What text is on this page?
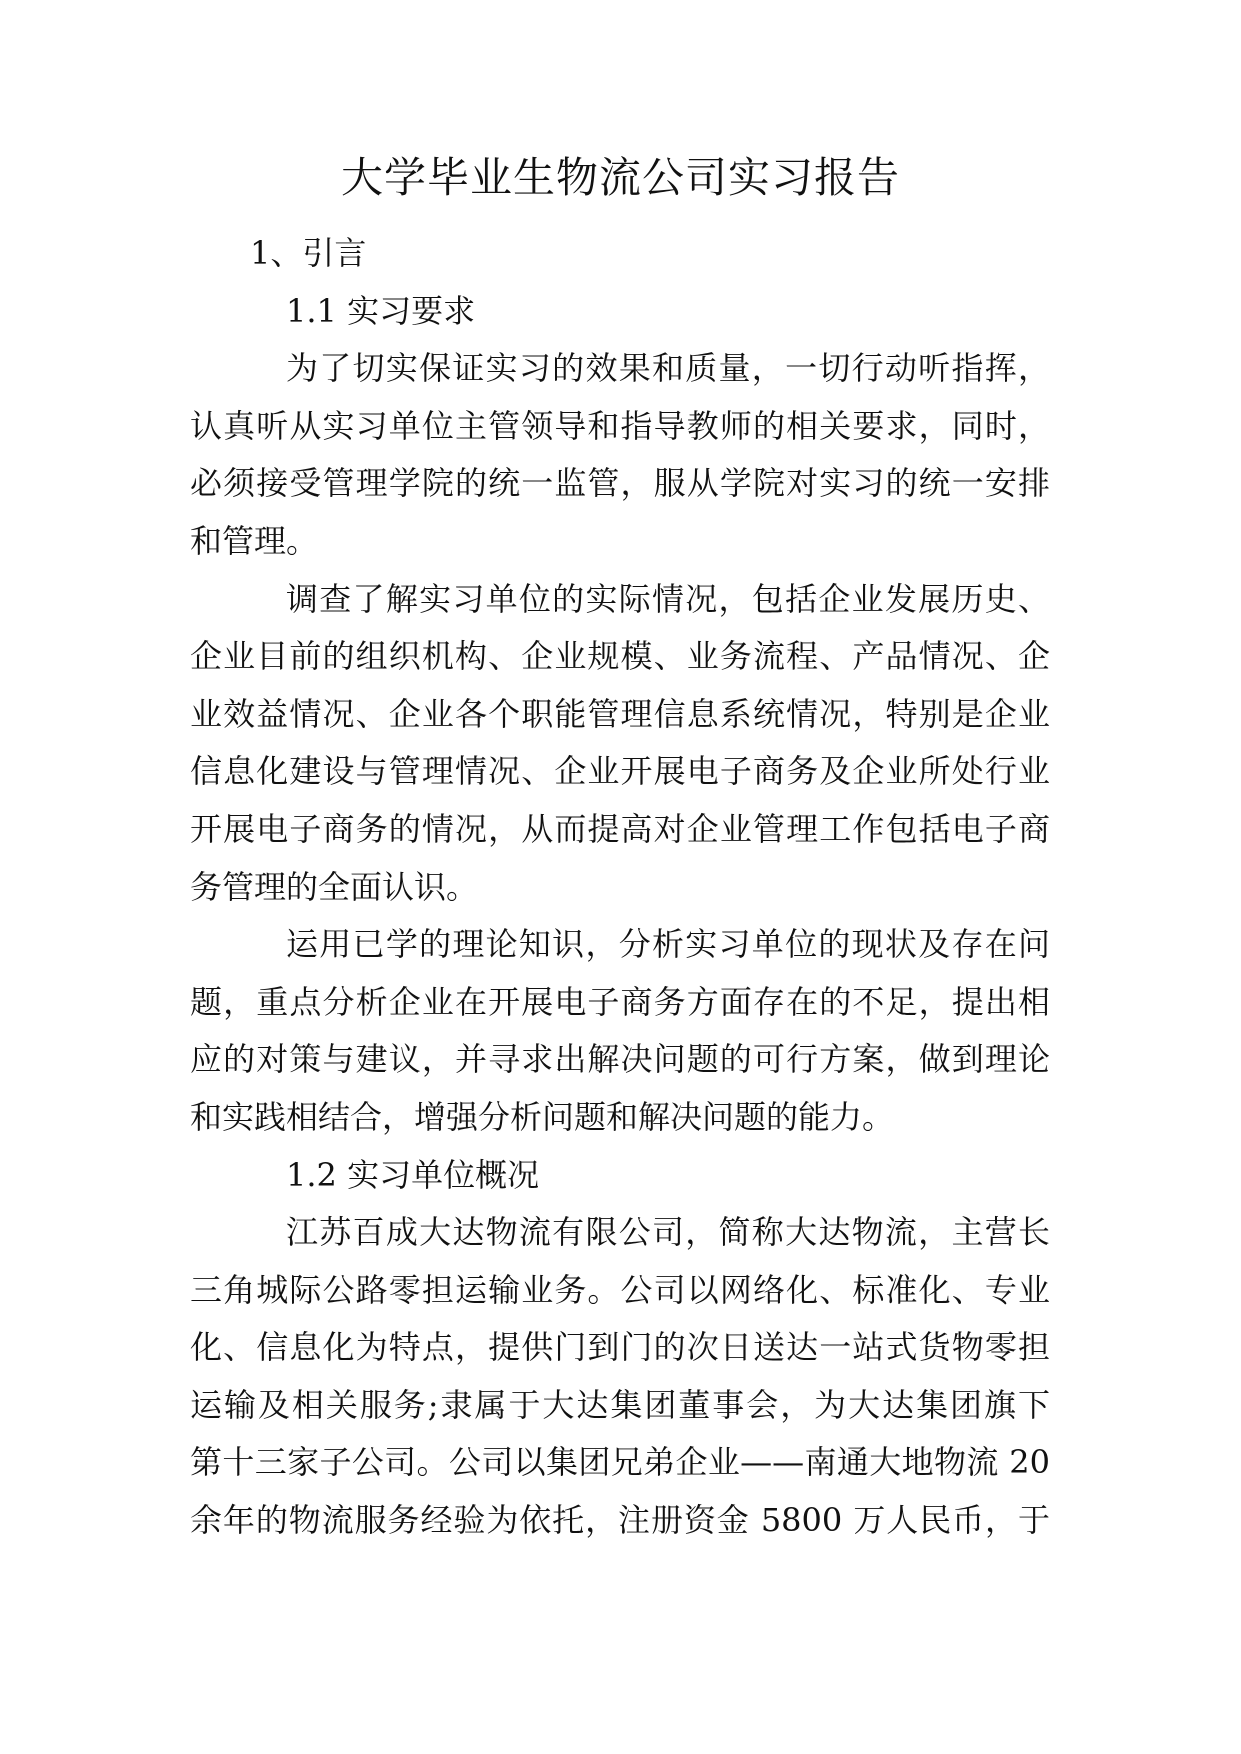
大学毕业生物流公司实习报告
1、引言
1.1 实习要求
为了切实保证实习的效果和质量，一切行动听指挥，
认真听从实习单位主管领导和指导教师的相关要求，同时，
必须接受管理学院的统一监管，服从学院对实习的统一安排
和管理。
调查了解实习单位的实际情况，包括企业发展历史、
企业目前的组织机构、企业规模、业务流程、产品情况、企
业效益情况、企业各个职能管理信息系统情况，特别是企业
信息化建设与管理情况、企业开展电子商务及企业所处行业
开展电子商务的情况，从而提高对企业管理工作包括电子商
务管理的全面认识。
运用已学的理论知识，分析实习单位的现状及存在问
题，重点分析企业在开展电子商务方面存在的不足，提出相
应的对策与建议，并寻求出解决问题的可行方案，做到理论
和实践相结合，增强分析问题和解决问题的能力。
1.2 实习单位概况
江苏百成大达物流有限公司，简称大达物流，主营长
三角城际公路零担运输业务。公司以网络化、标准化、专业
化、信息化为特点，提供门到门的次日送达一站式货物零担
运输及相关服务;隶属于大达集团董事会，为大达集团旗下
第十三家子公司。公司以集团兄弟企业——南通大地物流 20
余年的物流服务经验为依托，注册资金 5800 万人民币，于
